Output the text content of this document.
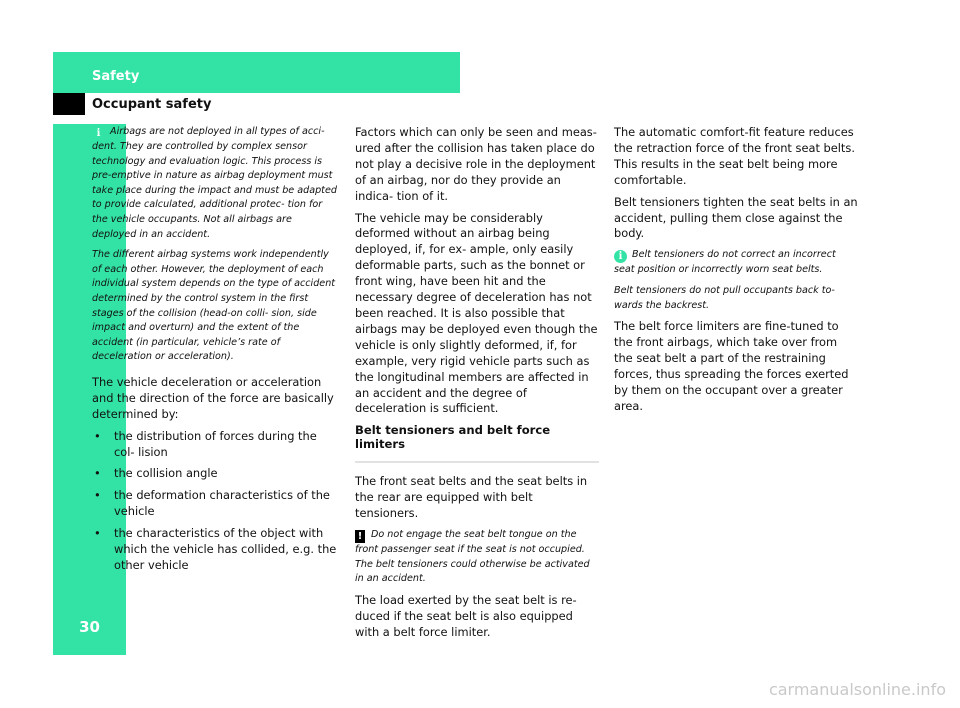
Safety
Occupant safety
30

i Airbags are not deployed in all types of acci- dent. They are controlled by complex sensor technology and evaluation logic. This process is pre-emptive in nature as airbag deployment must take place during the impact and must be adapted to provide calculated, additional protec- tion for the vehicle occupants. Not all airbags are deployed in an accident.

The different airbag systems work independently of each other. However, the deployment of each individual system depends on the type of accident determined by the control system in the first stages of the collision (head-on colli- sion, side impact and overturn) and the extent of the accident (in particular, vehicle’s rate of deceleration or acceleration).

The vehicle deceleration or acceleration and the direction of the force are basically determined by:

• the distribution of forces during the col- lision
• the collision angle
• the deformation characteristics of the vehicle
• the characteristics of the object with which the vehicle has collided, e.g. the other vehicle

Factors which can only be seen and meas- ured after the collision has taken place do not play a decisive role in the deployment of an airbag, nor do they provide an indica- tion of it.

The vehicle may be considerably deformed without an airbag being deployed, if, for ex- ample, only easily deformable parts, such as the bonnet or front wing, have been hit and the necessary degree of deceleration has not been reached. It is also possible that airbags may be deployed even though the vehicle is only slightly deformed, if, for example, very rigid vehicle parts such as the longitudinal members are affected in an accident and the degree of deceleration is sufficient.

Belt tensioners and belt force limiters

The front seat belts and the seat belts in the rear are equipped with belt tensioners.

! Do not engage the seat belt tongue on the front passenger seat if the seat is not occupied. The belt tensioners could otherwise be activated in an accident.

The load exerted by the seat belt is re- duced if the seat belt is also equipped with a belt force limiter.

The automatic comfort-fit feature reduces the retraction force of the front seat belts. This results in the seat belt being more comfortable.

Belt tensioners tighten the seat belts in an accident, pulling them close against the body.

i Belt tensioners do not correct an incorrect seat position or incorrectly worn seat belts.

Belt tensioners do not pull occupants back to- wards the backrest.

The belt force limiters are fine-tuned to the front airbags, which take over from the seat belt a part of the restraining forces, thus spreading the forces exerted by them on the occupant over a greater area.

carmanualsonline.info
